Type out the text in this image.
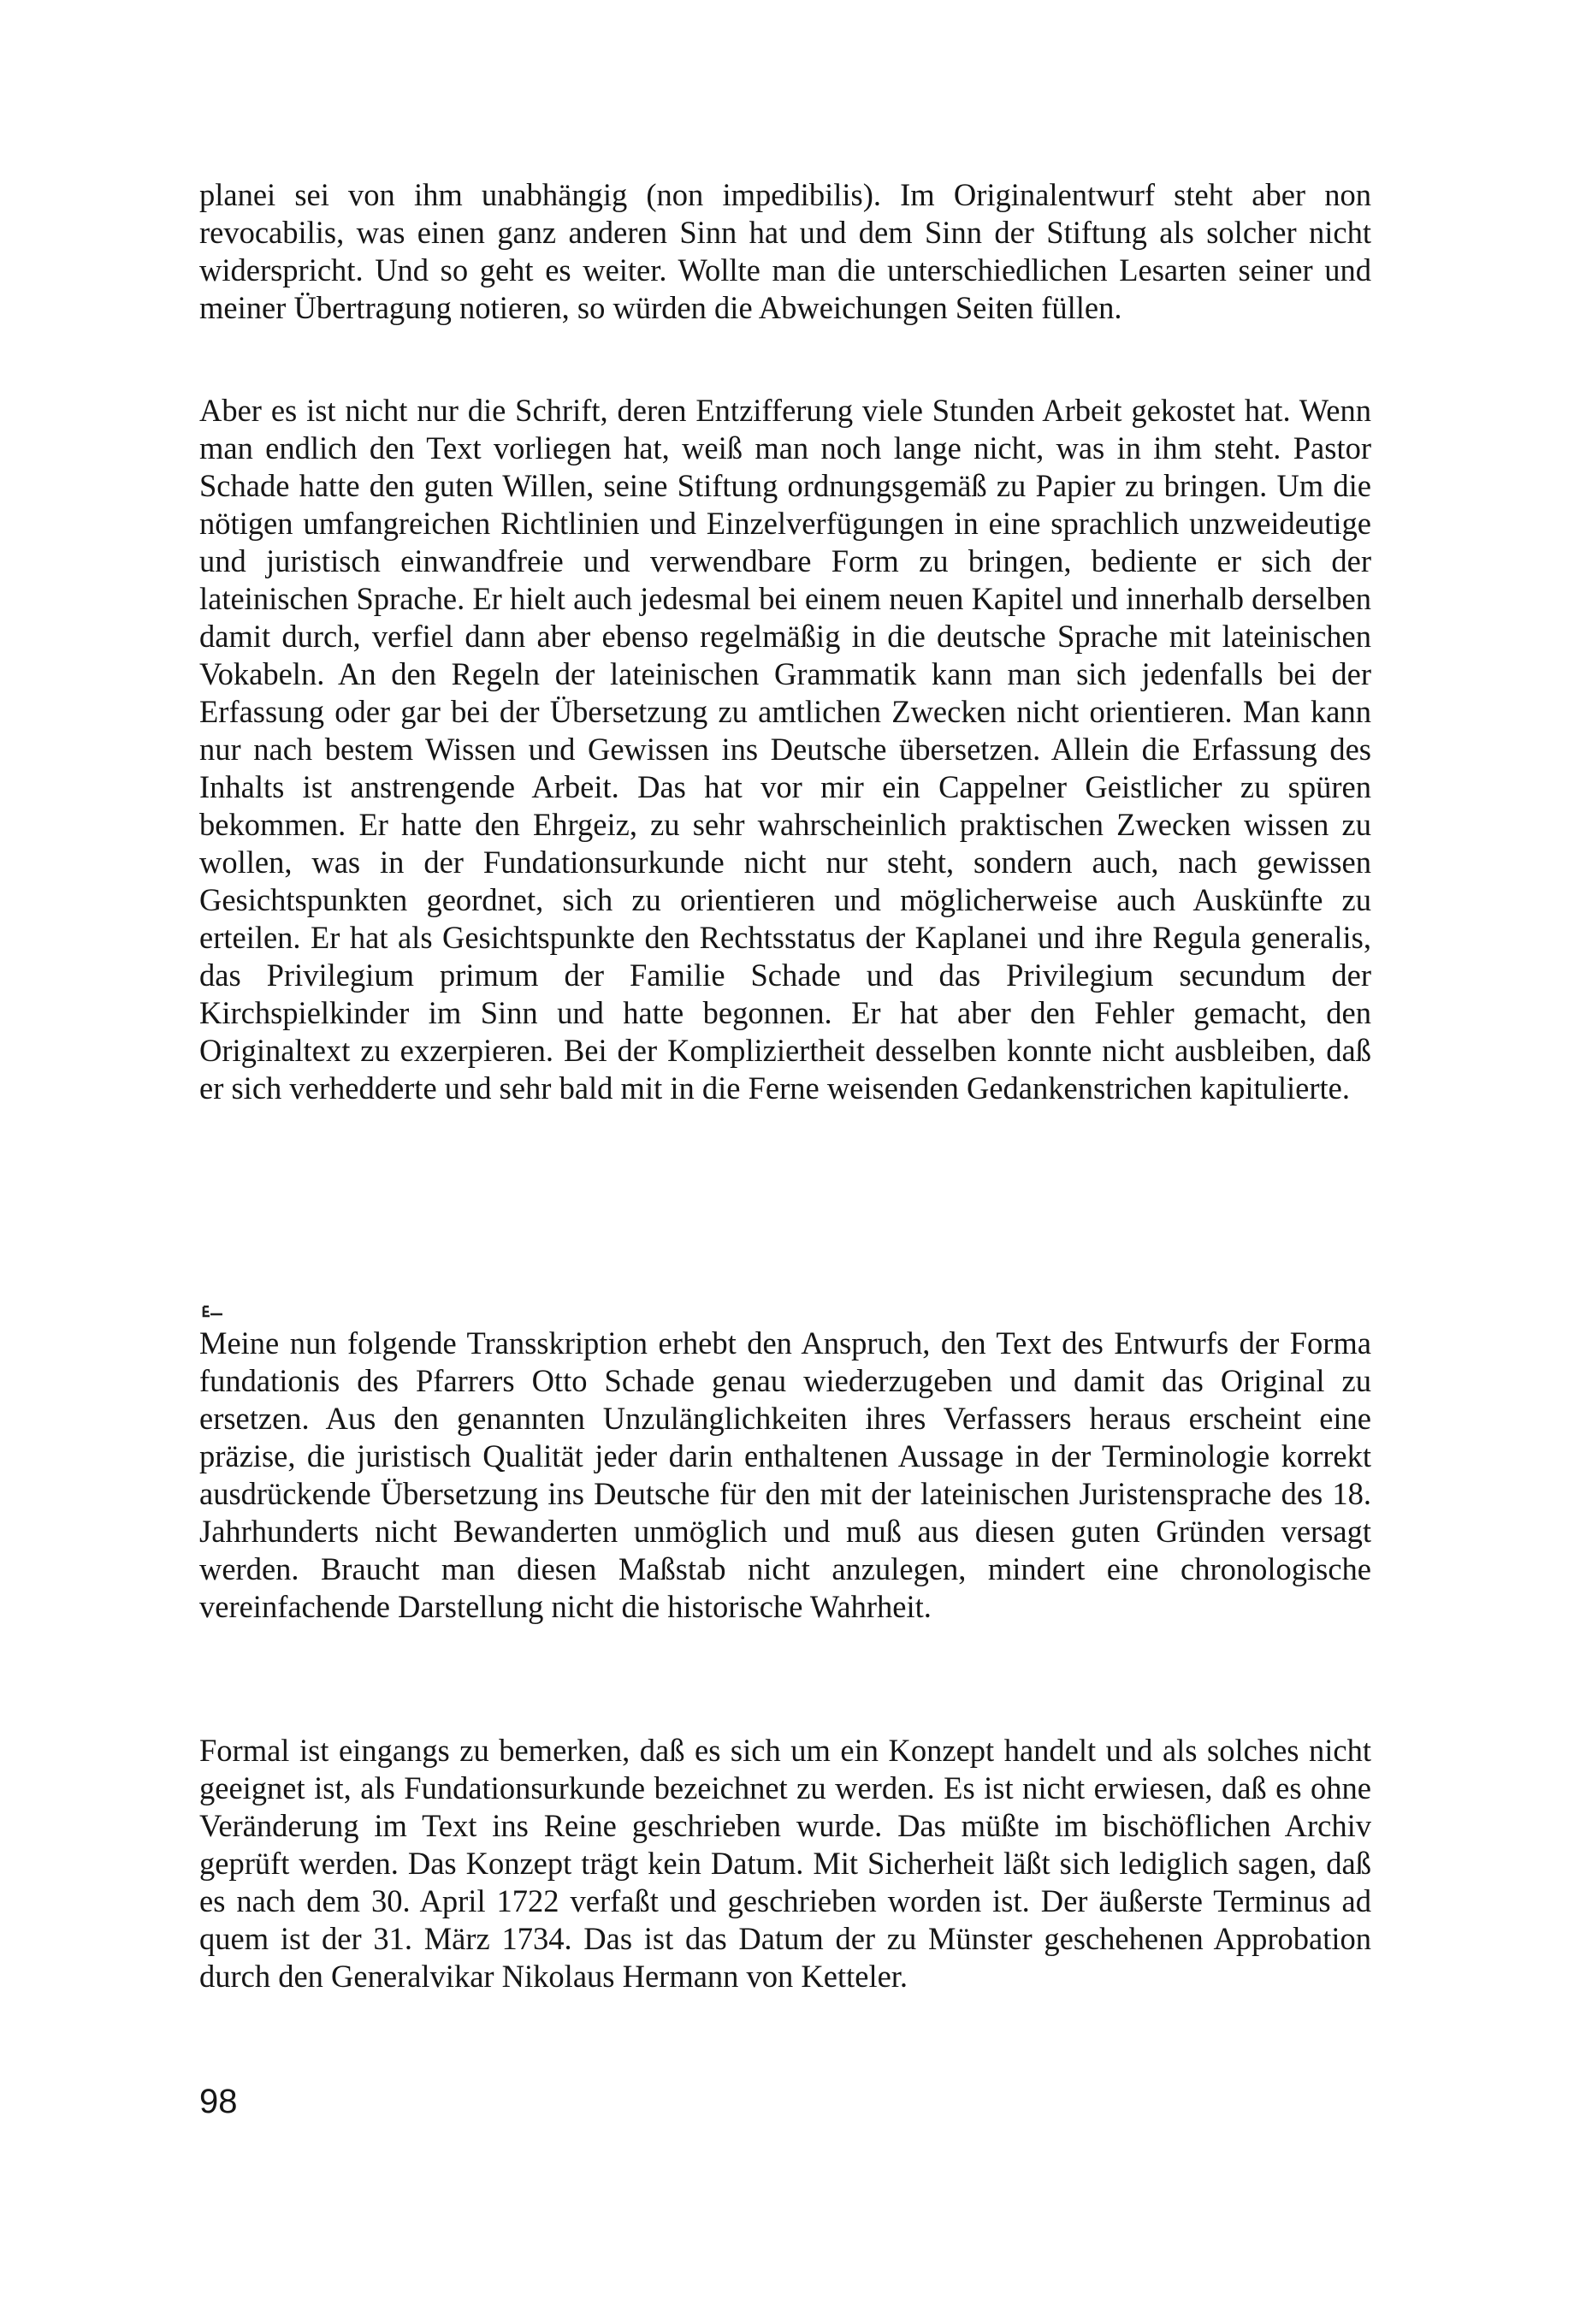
planei sei von ihm unabhängig (non impedibilis). Im Originalentwurf steht aber non revocabilis, was einen ganz anderen Sinn hat und dem Sinn der Stiftung als solcher nicht widerspricht. Und so geht es weiter. Wollte man die unterschiedlichen Lesarten seiner und meiner Übertragung notieren, so würden die Abweichungen Seiten füllen.

Aber es ist nicht nur die Schrift, deren Entzifferung viele Stunden Arbeit gekostet hat. Wenn man endlich den Text vorliegen hat, weiß man noch lange nicht, was in ihm steht. Pastor Schade hatte den guten Willen, seine Stiftung ordnungsgemäß zu Papier zu bringen. Um die nötigen umfangreichen Richtlinien und Einzelverfügungen in eine sprachlich unzweideutige und juristisch einwandfreie und verwendbare Form zu bringen, bediente er sich der lateinischen Sprache. Er hielt auch jedesmal bei einem neuen Kapitel und innerhalb derselben damit durch, verfiel dann aber ebenso regelmäßig in die deutsche Sprache mit lateinischen Vokabeln. An den Regeln der lateinischen Grammatik kann man sich jedenfalls bei der Erfassung oder gar bei der Übersetzung zu amtlichen Zwecken nicht orientieren. Man kann nur nach bestem Wissen und Gewissen ins Deutsche übersetzen. Allein die Erfassung des Inhalts ist anstrengende Arbeit. Das hat vor mir ein Cappelner Geistlicher zu spüren bekommen. Er hatte den Ehrgeiz, zu sehr wahrscheinlich praktischen Zwecken wissen zu wollen, was in der Fundationsurkunde nicht nur steht, sondern auch, nach gewissen Gesichtspunkten geordnet, sich zu orientieren und möglicherweise auch Auskünfte zu erteilen. Er hat als Gesichtspunkte den Rechtsstatus der Kaplanei und ihre Regula generalis, das Privilegium primum der Familie Schade und das Privilegium secundum der Kirchspielkinder im Sinn und hatte begonnen. Er hat aber den Fehler gemacht, den Originaltext zu exzerpieren. Bei der Kompliziertheit desselben konnte nicht ausbleiben, daß er sich verhedderte und sehr bald mit in die Ferne weisenden Gedankenstrichen kapitulierte.

Meine nun folgende Transskription erhebt den Anspruch, den Text des Entwurfs der Forma fundationis des Pfarrers Otto Schade genau wiederzugeben und damit das Original zu ersetzen. Aus den genannten Unzulänglichkeiten ihres Verfassers heraus erscheint eine präzise, die juristisch Qualität jeder darin enthaltenen Aussage in der Terminologie korrekt ausdrückende Übersetzung ins Deutsche für den mit der lateinischen Juristensprache des 18. Jahrhunderts nicht Bewanderten unmöglich und muß aus diesen guten Gründen versagt werden. Braucht man diesen Maßstab nicht anzulegen, mindert eine chronologische vereinfachende Darstellung nicht die historische Wahrheit.

Formal ist eingangs zu bemerken, daß es sich um ein Konzept handelt und als solches nicht geeignet ist, als Fundationsurkunde bezeichnet zu werden. Es ist nicht erwiesen, daß es ohne Veränderung im Text ins Reine geschrieben wurde. Das müßte im bischöflichen Archiv geprüft werden. Das Konzept trägt kein Datum. Mit Sicherheit läßt sich lediglich sagen, daß es nach dem 30. April 1722 verfaßt und geschrieben worden ist. Der äußerste Terminus ad quem ist der 31. März 1734. Das ist das Datum der zu Münster geschehenen Approbation durch den Generalvikar Nikolaus Hermann von Ketteler.

98
